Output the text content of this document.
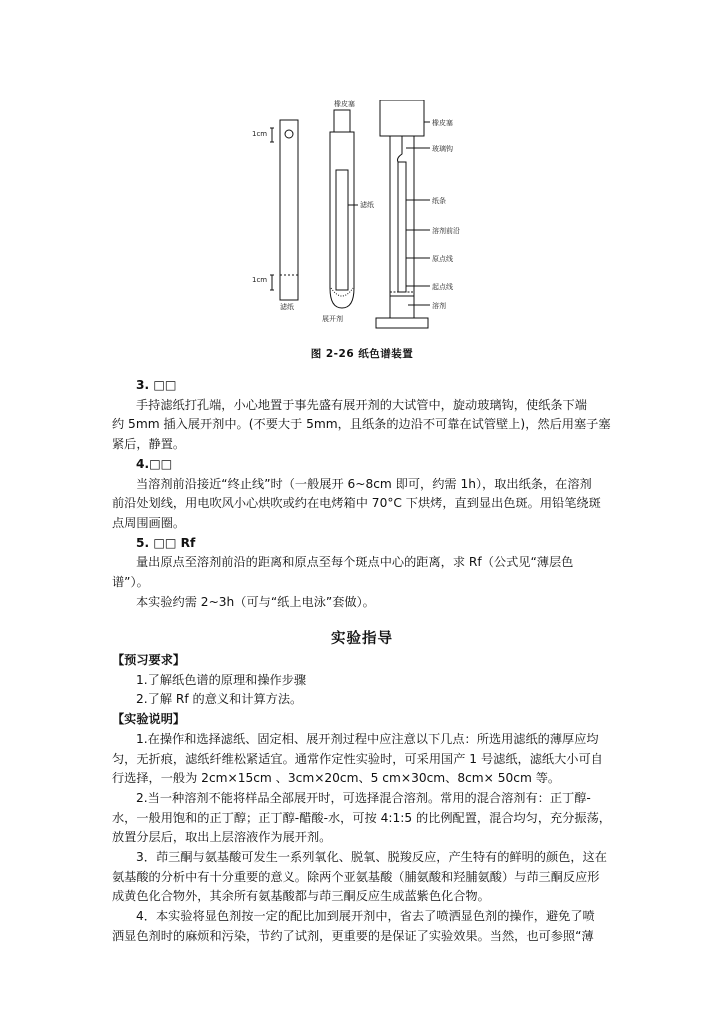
橡皮塞
1cm
1cm
滤纸
滤纸
展开剂
橡皮塞
玻璃钩
纸条
溶剂前沿
原点线
起点线
溶剂
图 2-26 纸色谱装置

3. □□

手持滤纸打孔端，小心地置于事先盛有展开剂的大试管中，旋动玻璃钩，使纸条下端

约 5mm 插入展开剂中。(不要大于 5mm，且纸条的边沿不可靠在试管壁上)，然后用塞子塞

紧后，静置。

4.□□

当溶剂前沿接近“终止线”时（一般展开 6~8cm 即可，约需 1h），取出纸条，在溶剂

前沿处划线，用电吹风小心烘吹或约在电烤箱中 70°C 下烘烤，直到显出色斑。用铅笔绕斑

点周围画圈。

5. □□ Rf

量出原点至溶剂前沿的距离和原点至每个斑点中心的距离，求 Rf（公式见“薄层色

谱”）。

本实验约需 2~3h（可与“纸上电泳”套做）。

实验指导

【预习要求】

1.了解纸色谱的原理和操作步骤

2.了解 Rf 的意义和计算方法。

【实验说明】

1.在操作和选择滤纸、固定相、展开剂过程中应注意以下几点：所选用滤纸的薄厚应均

匀，无折痕，滤纸纤维松紧适宜。通常作定性实验时，可采用国产 1 号滤纸，滤纸大小可自

行选择，一般为 2cm×15cm 、3cm×20cm、5 cm×30cm、8cm× 50cm 等。

2.当一种溶剂不能将样品全部展开时，可选择混合溶剂。常用的混合溶剂有：正丁醇-

水，一般用饱和的正丁醇；正丁醇-醋酸-水，可按 4:1:5 的比例配置，混合均匀，充分振荡，

放置分层后，取出上层溶液作为展开剂。

3．茚三酮与氨基酸可发生一系列氧化、脱氧、脱羧反应，产生特有的鲜明的颜色，这在

氨基酸的分析中有十分重要的意义。除两个亚氨基酸（脯氨酸和羟脯氨酸）与茚三酮反应形

成黄色化合物外，其余所有氨基酸都与茚三酮反应生成蓝紫色化合物。

4．本实验将显色剂按一定的配比加到展开剂中，省去了喷洒显色剂的操作，避免了喷

洒显色剂时的麻烦和污染，节约了试剂，更重要的是保证了实验效果。当然，也可参照“薄
